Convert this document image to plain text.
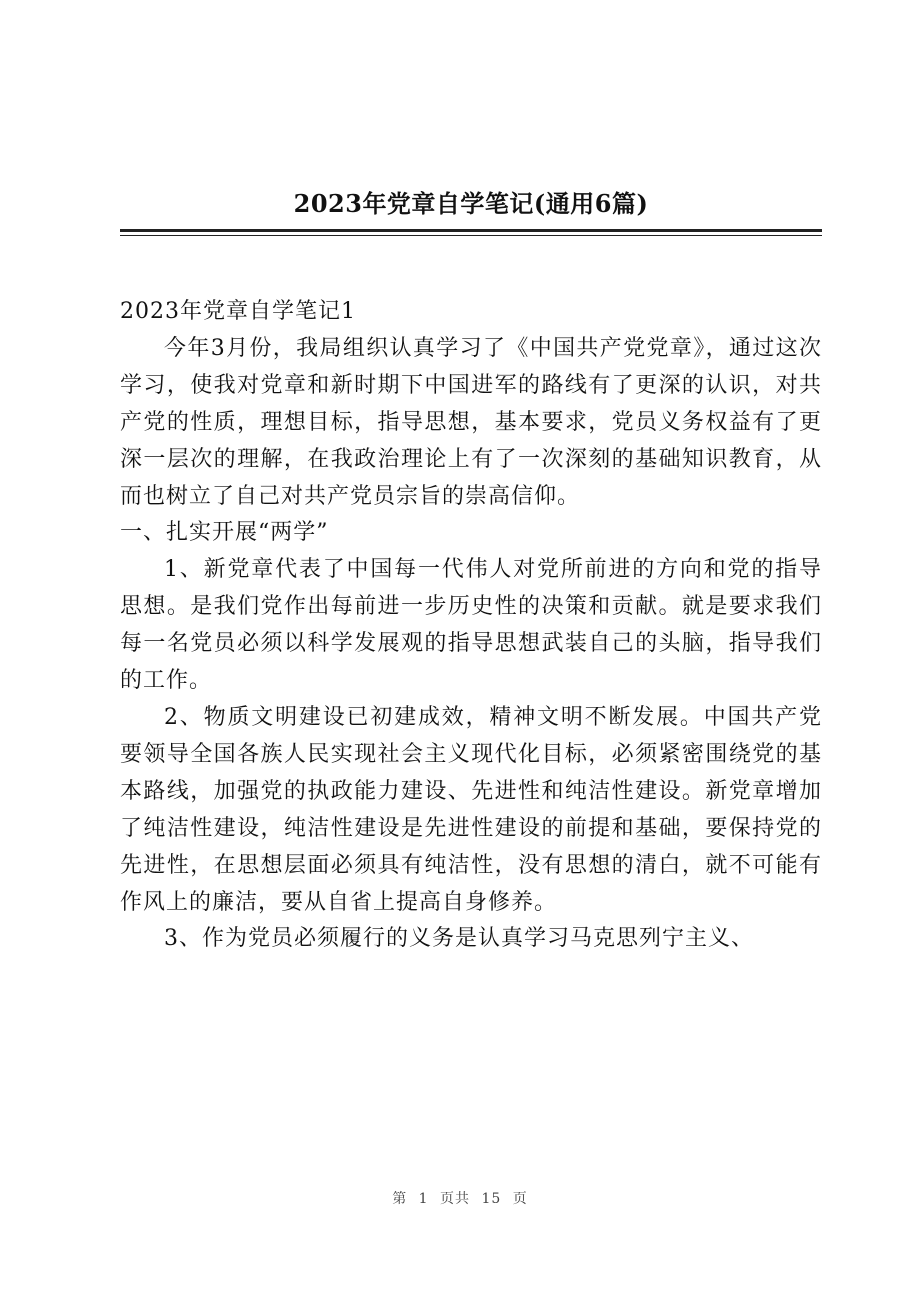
2023年党章自学笔记(通用6篇)

2023年党章自学笔记1

今年3月份，我局组织认真学习了《中国共产党党章》，通过这次学习，使我对党章和新时期下中国进军的路线有了更深的认识，对共产党的性质，理想目标，指导思想，基本要求，党员义务权益有了更深一层次的理解，在我政治理论上有了一次深刻的基础知识教育，从而也树立了自己对共产党员宗旨的崇高信仰。

一、扎实开展“两学”

1、新党章代表了中国每一代伟人对党所前进的方向和党的指导思想。是我们党作出每前进一步历史性的决策和贡献。就是要求我们每一名党员必须以科学发展观的指导思想武装自己的头脑，指导我们的工作。

2、物质文明建设已初建成效，精神文明不断发展。中国共产党要领导全国各族人民实现社会主义现代化目标，必须紧密围绕党的基本路线，加强党的执政能力建设、先进性和纯洁性建设。新党章增加了纯洁性建设，纯洁性建设是先进性建设的前提和基础，要保持党的先进性，在思想层面必须具有纯洁性，没有思想的清白，就不可能有作风上的廉洁，要从自省上提高自身修养。

3、作为党员必须履行的义务是认真学习马克思列宁主义、

第 1 页共 15 页
